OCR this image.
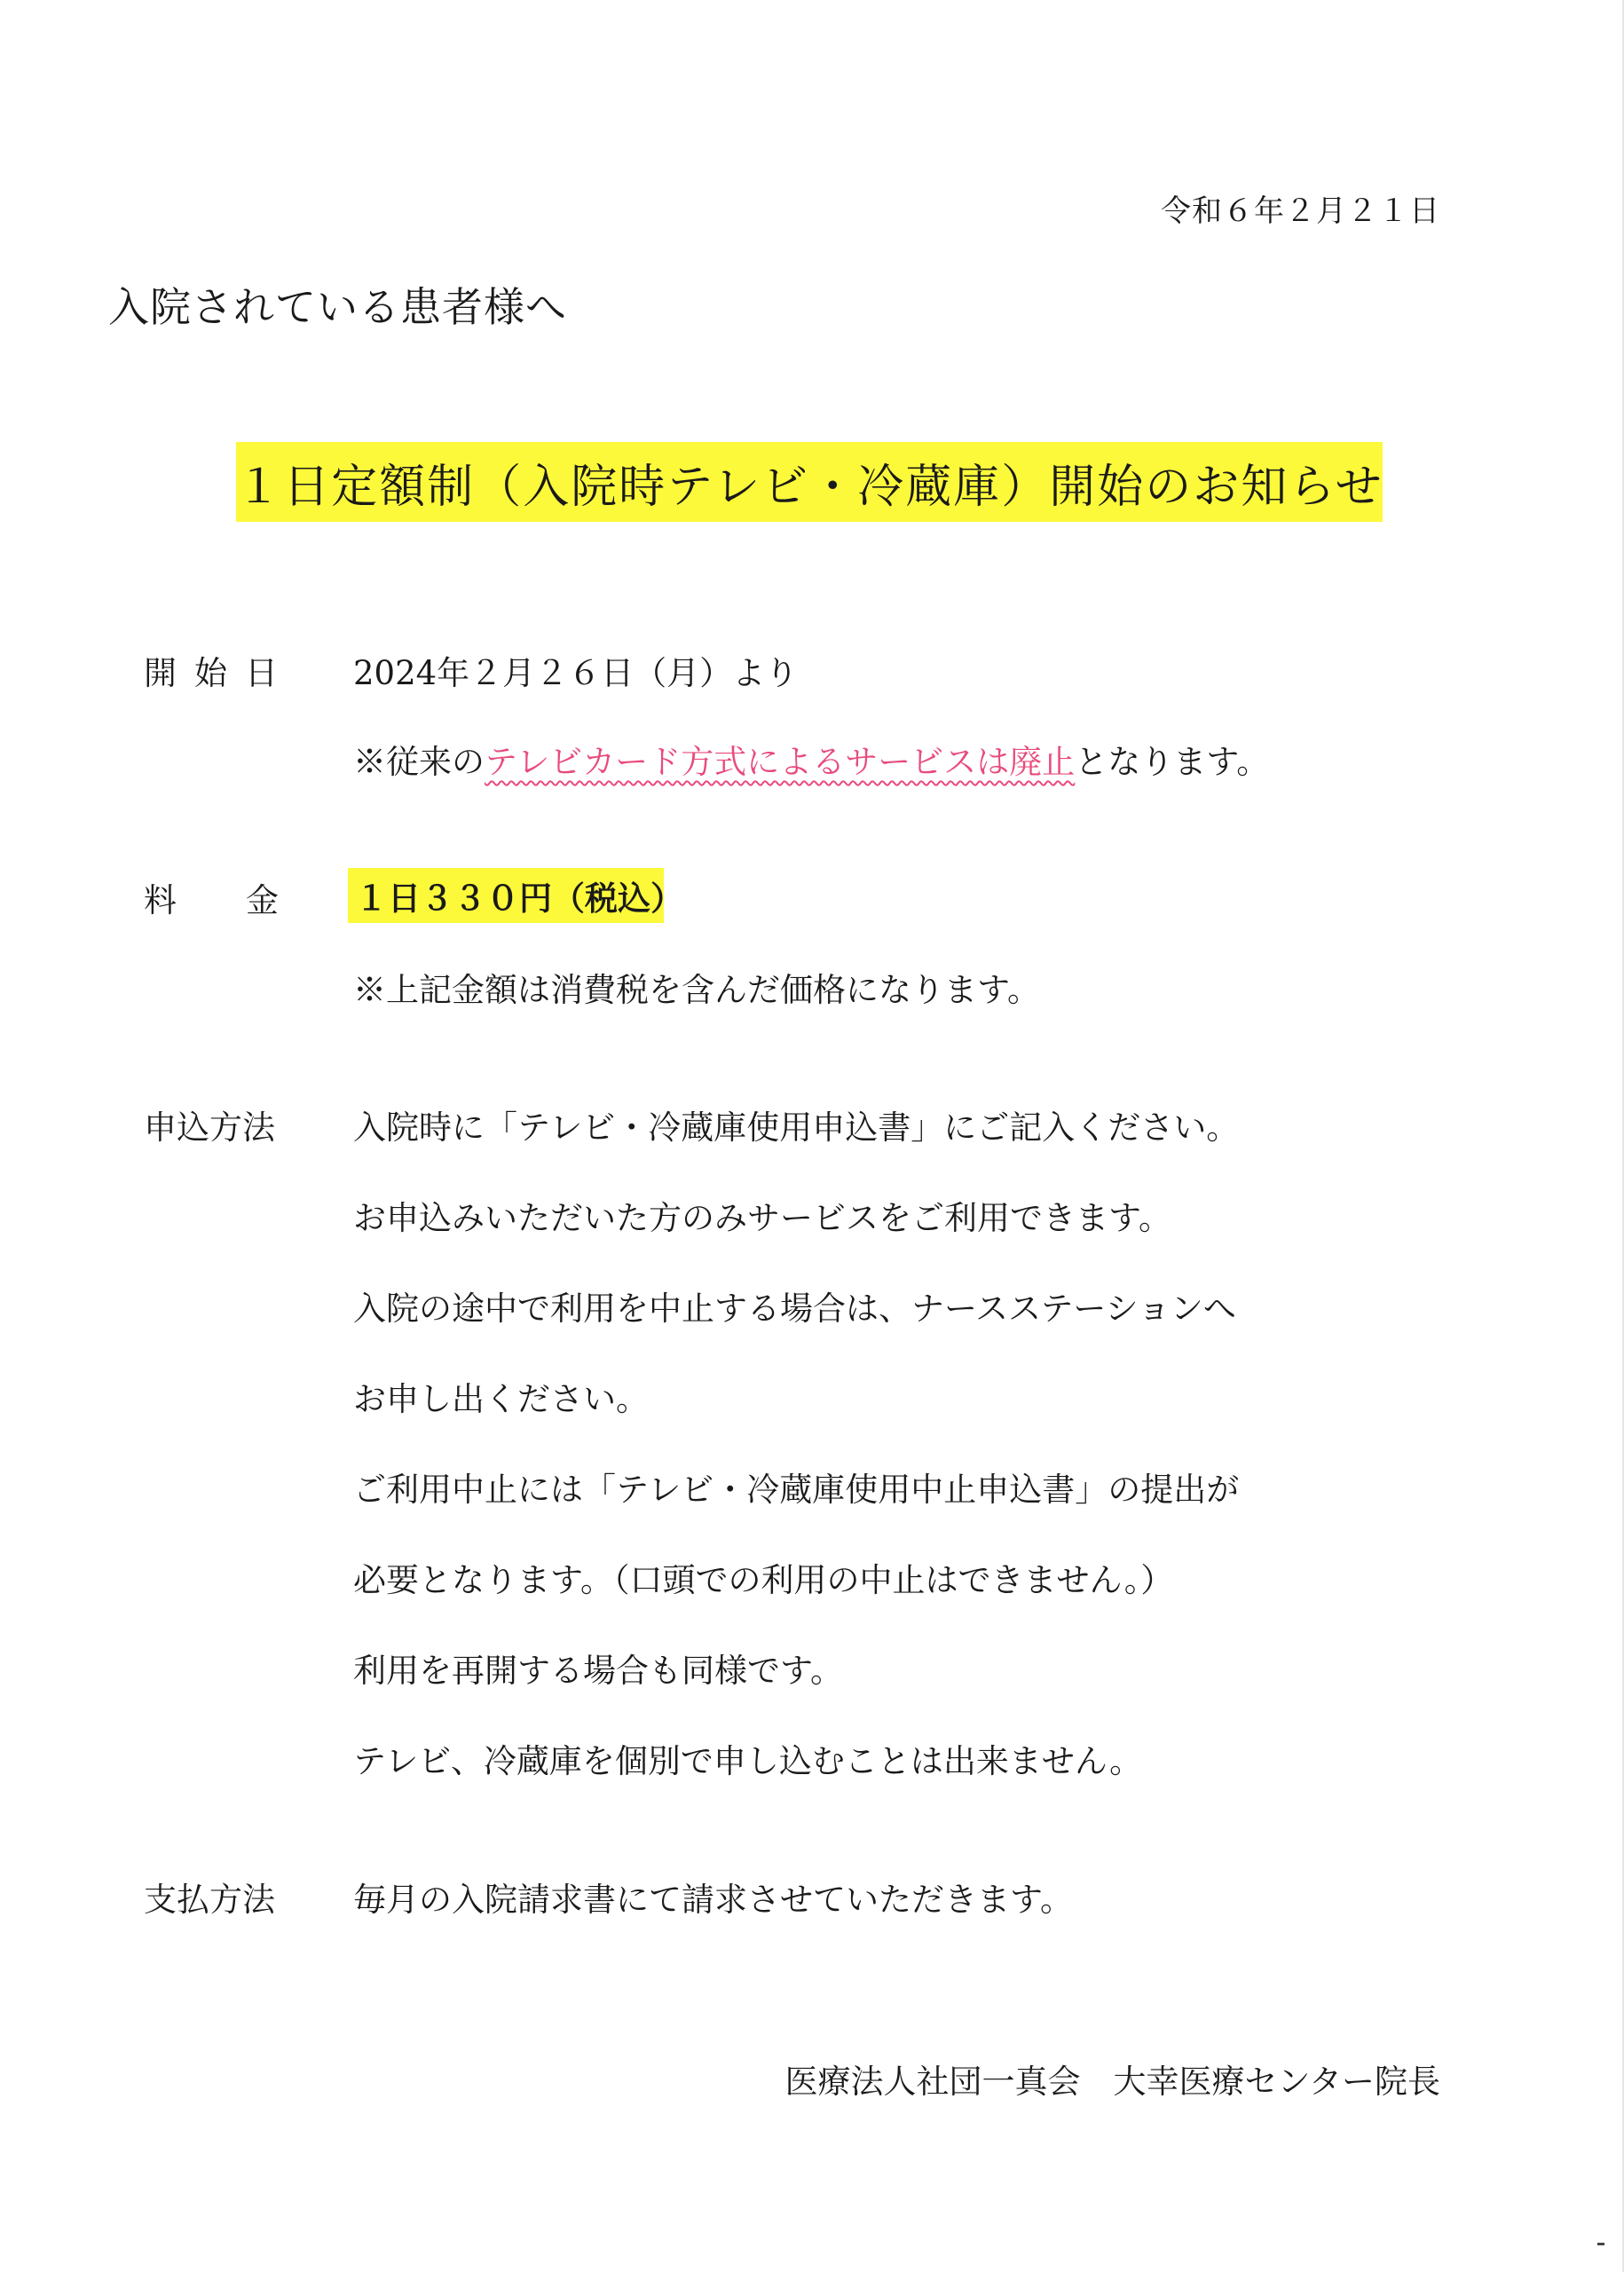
令和６年２月２１日
入院されている患者様へ
１日定額制（入院時テレビ・冷蔵庫）開始のお知らせ
開始日 2024年２月２６日（月）より
※従来のテレビカード方式によるサービスは廃止となります。
料金 １日３３０円（税込）
※上記金額は消費税を含んだ価格になります。
申込方法 入院時に「テレビ・冷蔵庫使用申込書」にご記入ください。
お申込みいただいた方のみサービスをご利用できます。
入院の途中で利用を中止する場合は、ナースステーションへ
お申し出ください。
ご利用中止には「テレビ・冷蔵庫使用中止申込書」の提出が
必要となります。（口頭での利用の中止はできません。）
利用を再開する場合も同様です。
テレビ、冷蔵庫を個別で申し込むことは出来ません。
支払方法 毎月の入院請求書にて請求させていただきます。
医療法人社団一真会　大幸医療センター院長
